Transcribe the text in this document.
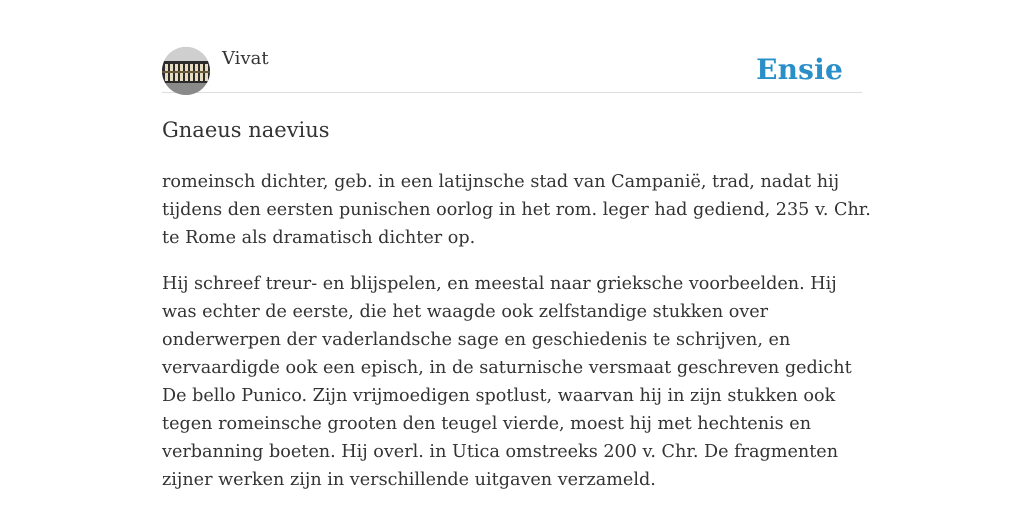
Vivat	Ensie
Gnaeus naevius

romeinsch dichter, geb. in een latijnsche stad van Campanië, trad, nadat hij tijdens den eersten punischen oorlog in het rom. leger had gediend, 235 v. Chr. te Rome als dramatisch dichter op.

Hij schreef treur- en blijspelen, en meestal naar grieksche voorbeelden. Hij was echter de eerste, die het waagde ook zelfstandige stukken over onderwerpen der vaderlandsche sage en geschiedenis te schrijven, en vervaardigde ook een episch, in de saturnische versmaat geschreven gedicht De bello Punico. Zijn vrijmoedigen spotlust, waarvan hij in zijn stukken ook tegen romeinsche grooten den teugel vierde, moest hij met hechtenis en verbanning boeten. Hij overl. in Utica omstreeks 200 v. Chr. De fragmenten zijner werken zijn in verschillende uitgaven verzameld.
